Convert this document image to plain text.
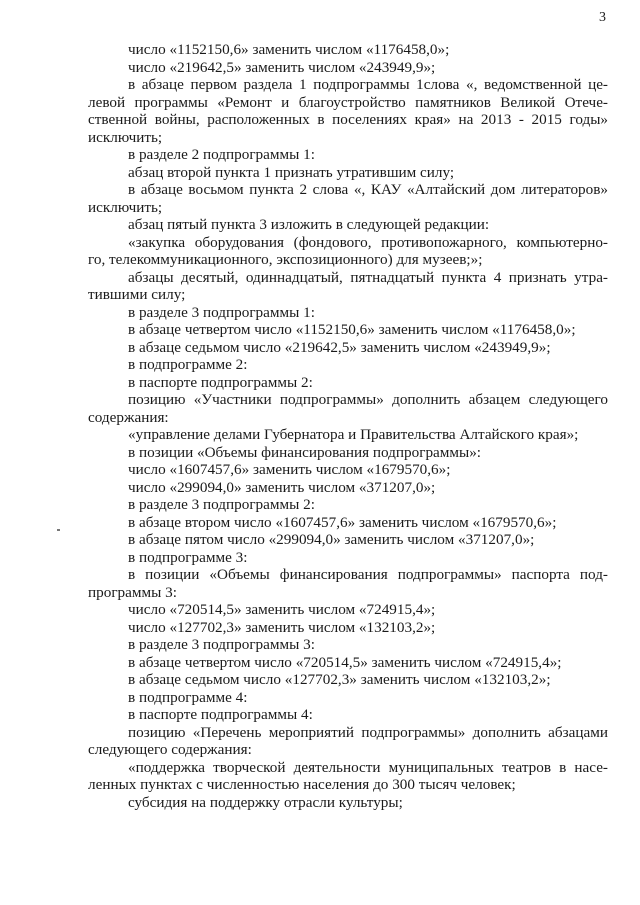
3
число «1152150,6» заменить числом «1176458,0»;
число «219642,5» заменить числом «243949,9»;
в абзаце первом раздела 1 подпрограммы 1слова «, ведомственной це-
левой программы «Ремонт и благоустройство памятников Великой Отече-
ственной войны, расположенных в поселениях края» на 2013 - 2015 годы»
исключить;
в разделе 2 подпрограммы 1:
абзац второй пункта 1 признать утратившим силу;
в абзаце восьмом пункта 2 слова «, КАУ «Алтайский дом литераторов»
исключить;
абзац пятый пункта 3 изложить в следующей редакции:
«закупка оборудования (фондового, противопожарного, компьютерно-
го, телекоммуникационного, экспозиционного) для музеев;»;
абзацы десятый, одиннадцатый, пятнадцатый пункта 4 признать утра-
тившими силу;
в разделе 3 подпрограммы 1:
в абзаце четвертом число «1152150,6» заменить числом «1176458,0»;
в абзаце седьмом число «219642,5» заменить числом «243949,9»;
в подпрограмме 2:
в паспорте подпрограммы 2:
позицию «Участники подпрограммы» дополнить абзацем следующего
содержания:
«управление делами Губернатора и Правительства Алтайского края»;
в позиции «Объемы финансирования подпрограммы»:
число «1607457,6» заменить числом «1679570,6»;
число «299094,0» заменить числом «371207,0»;
в разделе 3 подпрограммы 2:
в абзаце втором число «1607457,6» заменить числом «1679570,6»;
в абзаце пятом число «299094,0» заменить числом «371207,0»;
в подпрограмме 3:
в позиции «Объемы финансирования подпрограммы» паспорта под-
программы 3:
число «720514,5» заменить числом «724915,4»;
число «127702,3» заменить числом «132103,2»;
в разделе 3 подпрограммы 3:
в абзаце четвертом число «720514,5» заменить числом «724915,4»;
в абзаце седьмом число «127702,3» заменить числом «132103,2»;
в подпрограмме 4:
в паспорте подпрограммы 4:
позицию «Перечень мероприятий подпрограммы» дополнить абзацами
следующего содержания:
«поддержка творческой деятельности муниципальных театров в насе-
ленных пунктах с численностью населения до 300 тысяч человек;
субсидия на поддержку отрасли культуры;
